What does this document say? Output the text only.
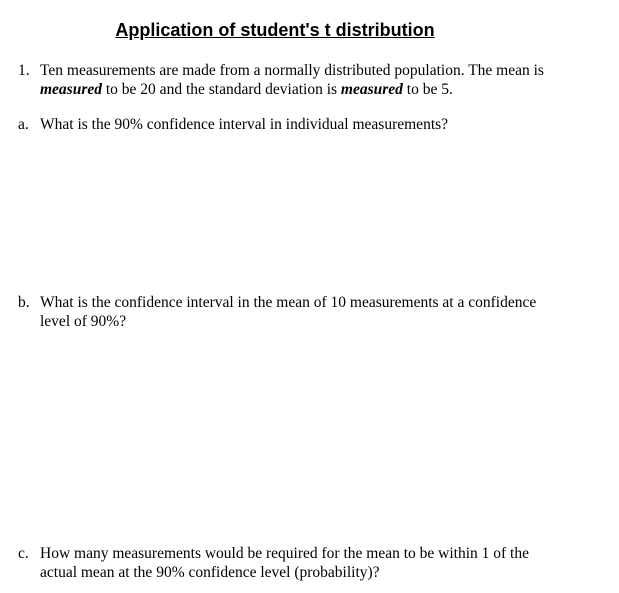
Application of student's t distribution
1. Ten measurements are made from a normally distributed population. The mean is
measured to be 20 and the standard deviation is measured to be 5.
a. What is the 90% confidence interval in individual measurements?
b. What is the confidence interval in the mean of 10 measurements at a confidence
level of 90%?
c. How many measurements would be required for the mean to be within 1 of the
actual mean at the 90% confidence level (probability)?
